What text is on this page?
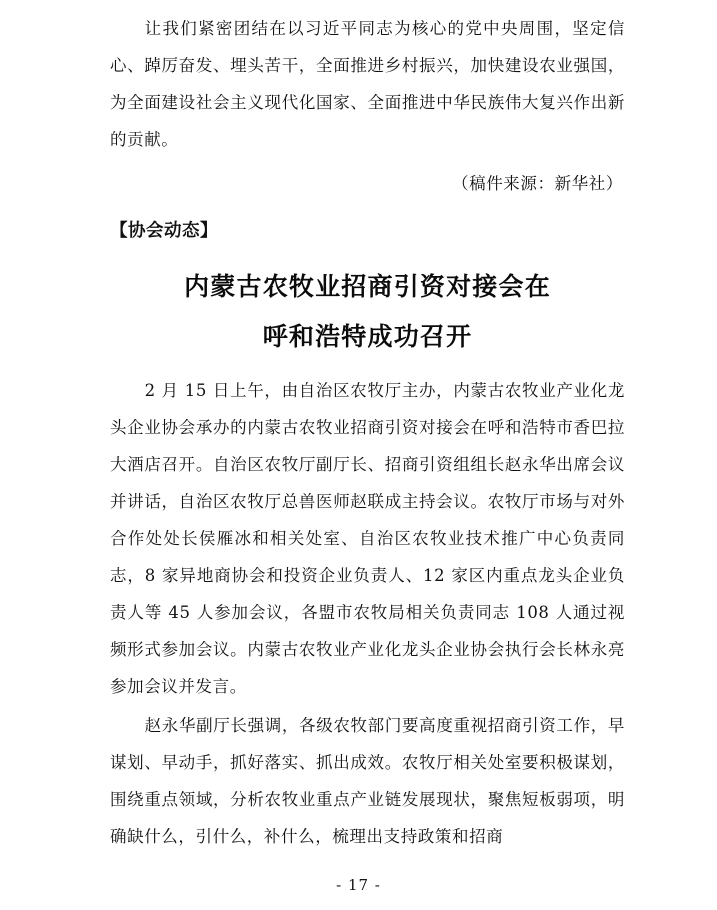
让我们紧密团结在以习近平同志为核心的党中央周围，坚定信心、踔厉奋发、埋头苦干，全面推进乡村振兴，加快建设农业强国，为全面建设社会主义现代化国家、全面推进中华民族伟大复兴作出新的贡献。

（稿件来源：新华社）
【协会动态】
内蒙古农牧业招商引资对接会在
呼和浩特成功召开

2 月 15 日上午，由自治区农牧厅主办，内蒙古农牧业产业化龙头企业协会承办的内蒙古农牧业招商引资对接会在呼和浩特市香巴拉大酒店召开。自治区农牧厅副厅长、招商引资组组长赵永华出席会议并讲话，自治区农牧厅总兽医师赵联成主持会议。农牧厅市场与对外合作处处长侯雁冰和相关处室、自治区农牧业技术推广中心负责同志，8 家异地商协会和投资企业负责人、12 家区内重点龙头企业负责人等 45 人参加会议，各盟市农牧局相关负责同志 108 人通过视频形式参加会议。内蒙古农牧业产业化龙头企业协会执行会长林永亮参加会议并发言。

赵永华副厅长强调，各级农牧部门要高度重视招商引资工作，早谋划、早动手，抓好落实、抓出成效。农牧厅相关处室要积极谋划，围绕重点领域，分析农牧业重点产业链发展现状，聚焦短板弱项，明确缺什么，引什么，补什么，梳理出支持政策和招商

- 17 -
